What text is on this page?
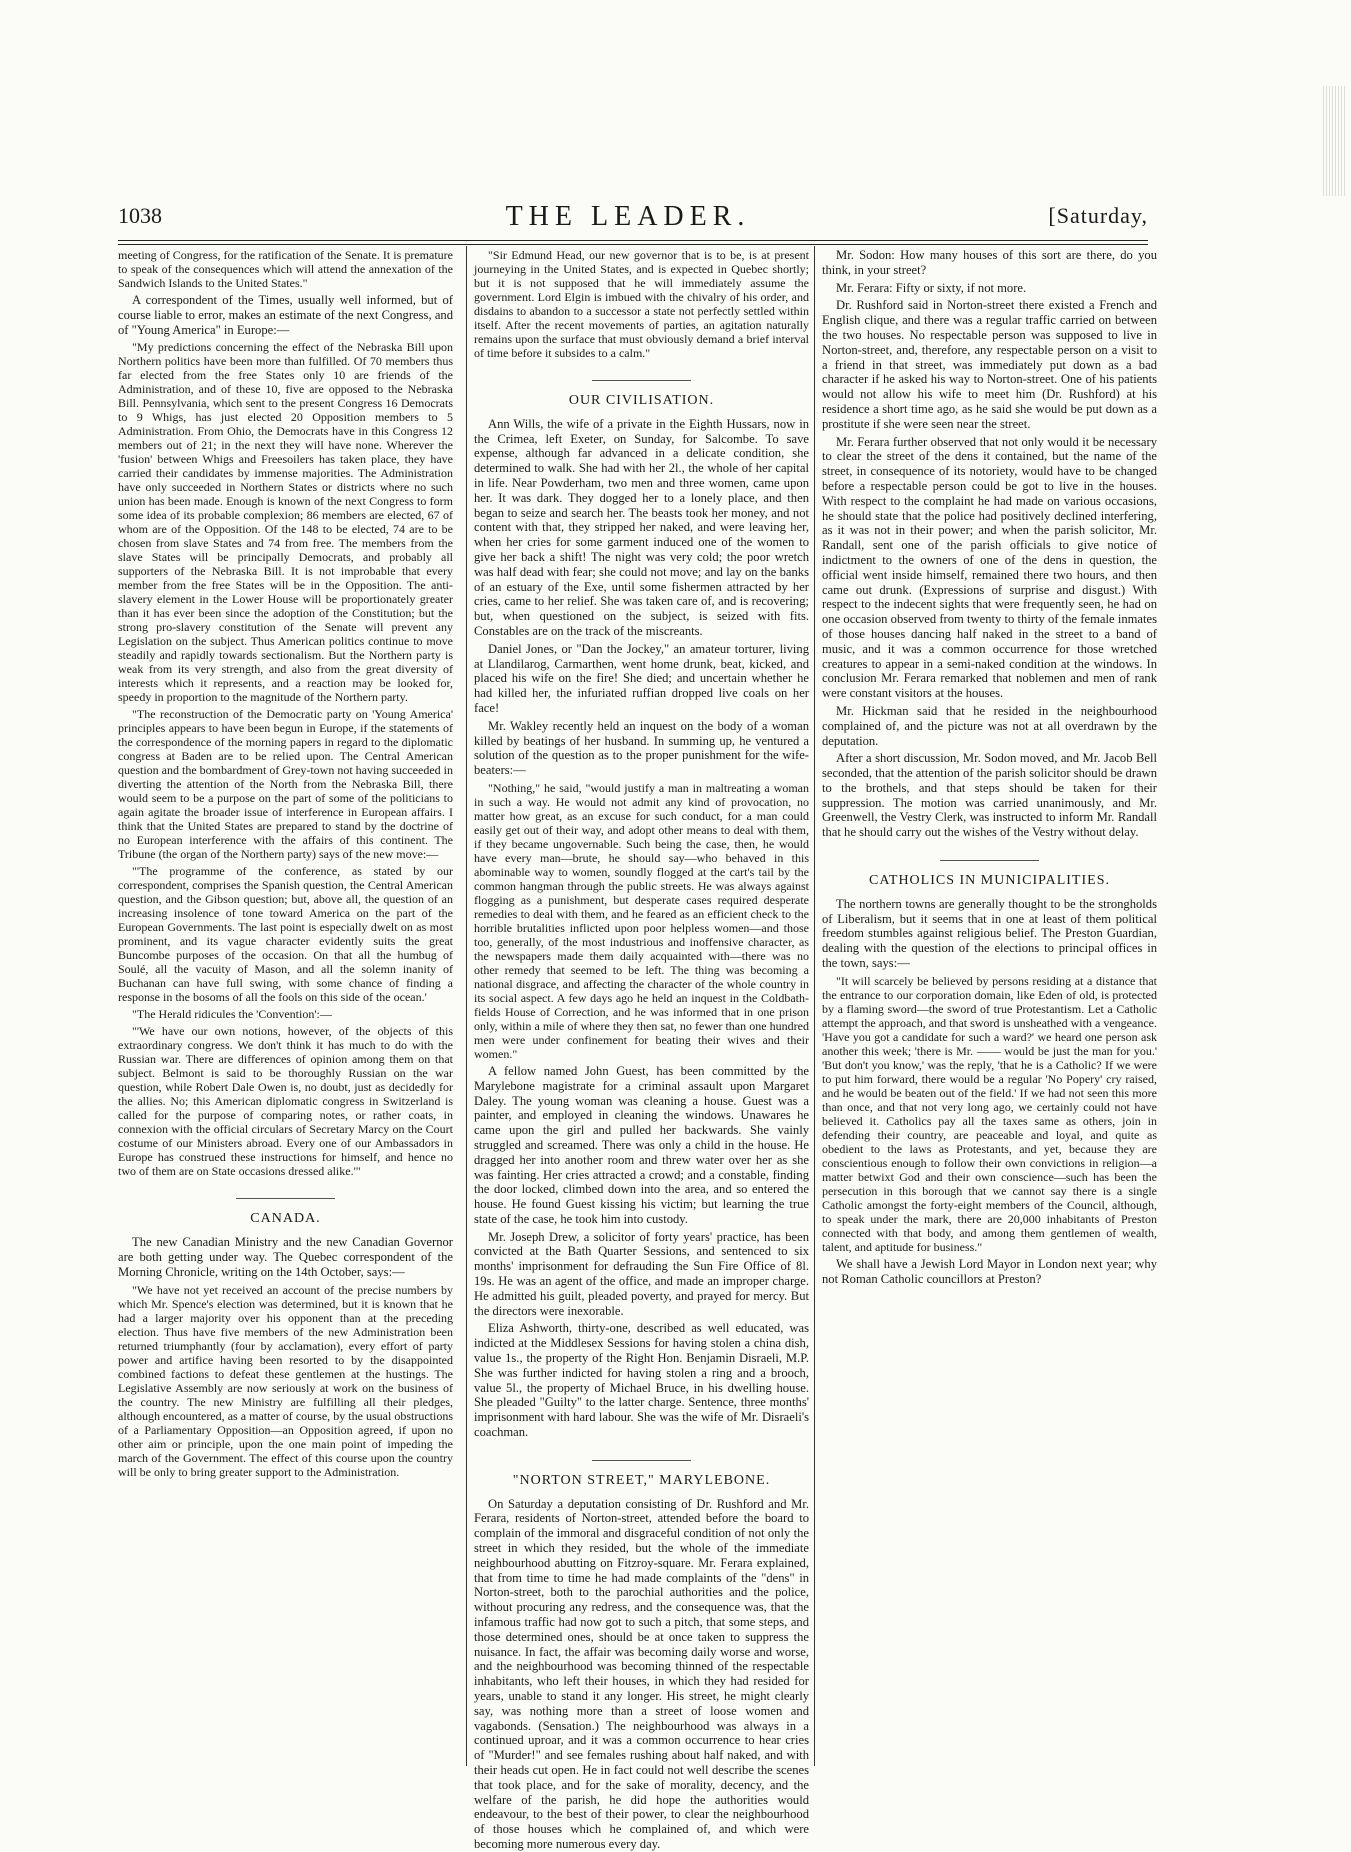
1038	THE LEADER.	[Saturday,

meeting of Congress, for the ratification of the Senate. It is premature to speak of the consequences which will attend the annexation of the Sandwich Islands to the United States."

A correspondent of the Times, usually well informed, but of course liable to error, makes an estimate of the next Congress, and of "Young America" in Europe:—

"My predictions concerning the effect of the Nebraska Bill upon Northern politics have been more than fulfilled. Of 70 members thus far elected from the free States only 10 are friends of the Administration, and of these 10, five are opposed to the Nebraska Bill. Pennsylvania, which sent to the present Congress 16 Democrats to 9 Whigs, has just elected 20 Opposition members to 5 Administration. From Ohio, the Democrats have in this Congress 12 members out of 21; in the next they will have none. Wherever the 'fusion' between Whigs and Freesoilers has taken place, they have carried their candidates by immense majorities. The Administration have only succeeded in Northern States or districts where no such union has been made. Enough is known of the next Congress to form some idea of its probable complexion; 86 members are elected, 67 of whom are of the Opposition. Of the 148 to be elected, 74 are to be chosen from slave States and 74 from free. The members from the slave States will be principally Democrats, and probably all supporters of the Nebraska Bill. It is not improbable that every member from the free States will be in the Opposition. The anti-slavery element in the Lower House will be proportionately greater than it has ever been since the adoption of the Constitution; but the strong pro-slavery constitution of the Senate will prevent any Legislation on the subject. Thus American politics continue to move steadily and rapidly towards sectionalism. But the Northern party is weak from its very strength, and also from the great diversity of interests which it represents, and a reaction may be looked for, speedy in proportion to the magnitude of the Northern party.

"The reconstruction of the Democratic party on 'Young America' principles appears to have been begun in Europe, if the statements of the correspondence of the morning papers in regard to the diplomatic congress at Baden are to be relied upon. The Central American question and the bombardment of Grey-town not having succeeded in diverting the attention of the North from the Nebraska Bill, there would seem to be a purpose on the part of some of the politicians to again agitate the broader issue of interference in European affairs. I think that the United States are prepared to stand by the doctrine of no European interference with the affairs of this continent. The Tribune (the organ of the Northern party) says of the new move:—

"'The programme of the conference, as stated by our correspondent, comprises the Spanish question, the Central American question, and the Gibson question; but, above all, the question of an increasing insolence of tone toward America on the part of the European Governments. The last point is especially dwelt on as most prominent, and its vague character evidently suits the great Buncombe purposes of the occasion. On that all the humbug of Soulé, all the vacuity of Mason, and all the solemn inanity of Buchanan can have full swing, with some chance of finding a response in the bosoms of all the fools on this side of the ocean.'

"The Herald ridicules the 'Convention':—

"'We have our own notions, however, of the objects of this extraordinary congress. We don't think it has much to do with the Russian war. There are differences of opinion among them on that subject. Belmont is said to be thoroughly Russian on the war question, while Robert Dale Owen is, no doubt, just as decidedly for the allies. No; this American diplomatic congress in Switzerland is called for the purpose of comparing notes, or rather coats, in connexion with the official circulars of Secretary Marcy on the Court costume of our Ministers abroad. Every one of our Ambassadors in Europe has construed these instructions for himself, and hence no two of them are on State occasions dressed alike.'"

CANADA.

The new Canadian Ministry and the new Canadian Governor are both getting under way. The Quebec correspondent of the Morning Chronicle, writing on the 14th October, says:—

"We have not yet received an account of the precise numbers by which Mr. Spence's election was determined, but it is known that he had a larger majority over his opponent than at the preceding election. Thus have five members of the new Administration been returned triumphantly (four by acclamation), every effort of party power and artifice having been resorted to by the disappointed combined factions to defeat these gentlemen at the hustings. The Legislative Assembly are now seriously at work on the business of the country. The new Ministry are fulfilling all their pledges, although encountered, as a matter of course, by the usual obstructions of a Parliamentary Opposition—an Opposition agreed, if upon no other aim or principle, upon the one main point of impeding the march of the Government. The effect of this course upon the country will be only to bring greater support to the Administration.

"Sir Edmund Head, our new governor that is to be, is at present journeying in the United States, and is expected in Quebec shortly; but it is not supposed that he will immediately assume the government. Lord Elgin is imbued with the chivalry of his order, and disdains to abandon to a successor a state not perfectly settled within itself. After the recent movements of parties, an agitation naturally remains upon the surface that must obviously demand a brief interval of time before it subsides to a calm."

OUR CIVILISATION.

Ann Wills, the wife of a private in the Eighth Hussars, now in the Crimea, left Exeter, on Sunday, for Salcombe. To save expense, although far advanced in a delicate condition, she determined to walk. She had with her 2l., the whole of her capital in life. Near Powderham, two men and three women, came upon her. It was dark. They dogged her to a lonely place, and then began to seize and search her. The beasts took her money, and not content with that, they stripped her naked, and were leaving her, when her cries for some garment induced one of the women to give her back a shift! The night was very cold; the poor wretch was half dead with fear; she could not move; and lay on the banks of an estuary of the Exe, until some fishermen attracted by her cries, came to her relief. She was taken care of, and is recovering; but, when questioned on the subject, is seized with fits. Constables are on the track of the miscreants.

Daniel Jones, or "Dan the Jockey," an amateur torturer, living at Llandilarog, Carmarthen, went home drunk, beat, kicked, and placed his wife on the fire! She died; and uncertain whether he had killed her, the infuriated ruffian dropped live coals on her face!

Mr. Wakley recently held an inquest on the body of a woman killed by beatings of her husband. In summing up, he ventured a solution of the question as to the proper punishment for the wife-beaters:—

"Nothing," he said, "would justify a man in maltreating a woman in such a way. He would not admit any kind of provocation, no matter how great, as an excuse for such conduct, for a man could easily get out of their way, and adopt other means to deal with them, if they became ungovernable. Such being the case, then, he would have every man—brute, he should say—who behaved in this abominable way to women, soundly flogged at the cart's tail by the common hangman through the public streets. He was always against flogging as a punishment, but desperate cases required desperate remedies to deal with them, and he feared as an efficient check to the horrible brutalities inflicted upon poor helpless women—and those too, generally, of the most industrious and inoffensive character, as the newspapers made them daily acquainted with—there was no other remedy that seemed to be left. The thing was becoming a national disgrace, and affecting the character of the whole country in its social aspect. A few days ago he held an inquest in the Coldbath-fields House of Correction, and he was informed that in one prison only, within a mile of where they then sat, no fewer than one hundred men were under confinement for beating their wives and their women."

A fellow named John Guest, has been committed by the Marylebone magistrate for a criminal assault upon Margaret Daley. The young woman was cleaning a house. Guest was a painter, and employed in cleaning the windows. Unawares he came upon the girl and pulled her backwards. She vainly struggled and screamed. There was only a child in the house. He dragged her into another room and threw water over her as she was fainting. Her cries attracted a crowd; and a constable, finding the door locked, climbed down into the area, and so entered the house. He found Guest kissing his victim; but learning the true state of the case, he took him into custody.

Mr. Joseph Drew, a solicitor of forty years' practice, has been convicted at the Bath Quarter Sessions, and sentenced to six months' imprisonment for defrauding the Sun Fire Office of 8l. 19s. He was an agent of the office, and made an improper charge. He admitted his guilt, pleaded poverty, and prayed for mercy. But the directors were inexorable.

Eliza Ashworth, thirty-one, described as well educated, was indicted at the Middlesex Sessions for having stolen a china dish, value 1s., the property of the Right Hon. Benjamin Disraeli, M.P. She was further indicted for having stolen a ring and a brooch, value 5l., the property of Michael Bruce, in his dwelling house. She pleaded "Guilty" to the latter charge. Sentence, three months' imprisonment with hard labour. She was the wife of Mr. Disraeli's coachman.

"NORTON STREET," MARYLEBONE.

On Saturday a deputation consisting of Dr. Rushford and Mr. Ferara, residents of Norton-street, attended before the board to complain of the immoral and disgraceful condition of not only the street in which they resided, but the whole of the immediate neighbourhood abutting on Fitzroy-square. Mr. Ferara explained, that from time to time he had made complaints of the "dens" in Norton-street, both to the parochial authorities and the police, without procuring any redress, and the consequence was, that the infamous traffic had now got to such a pitch, that some steps, and those determined ones, should be at once taken to suppress the nuisance. In fact, the affair was becoming daily worse and worse, and the neighbourhood was becoming thinned of the respectable inhabitants, who left their houses, in which they had resided for years, unable to stand it any longer. His street, he might clearly say, was nothing more than a street of loose women and vagabonds. (Sensation.) The neighbourhood was always in a continued uproar, and it was a common occurrence to hear cries of "Murder!" and see females rushing about half naked, and with their heads cut open. He in fact could not well describe the scenes that took place, and for the sake of morality, decency, and the welfare of the parish, he did hope the authorities would endeavour, to the best of their power, to clear the neighbourhood of those houses which he complained of, and which were becoming more numerous every day.

Mr. Sodon: How many houses of this sort are there, do you think, in your street?

Mr. Ferara: Fifty or sixty, if not more.

Dr. Rushford said in Norton-street there existed a French and English clique, and there was a regular traffic carried on between the two houses. No respectable person was supposed to live in Norton-street, and, therefore, any respectable person on a visit to a friend in that street, was immediately put down as a bad character if he asked his way to Norton-street. One of his patients would not allow his wife to meet him (Dr. Rushford) at his residence a short time ago, as he said she would be put down as a prostitute if she were seen near the street.

Mr. Ferara further observed that not only would it be necessary to clear the street of the dens it contained, but the name of the street, in consequence of its notoriety, would have to be changed before a respectable person could be got to live in the houses. With respect to the complaint he had made on various occasions, he should state that the police had positively declined interfering, as it was not in their power; and when the parish solicitor, Mr. Randall, sent one of the parish officials to give notice of indictment to the owners of one of the dens in question, the official went inside himself, remained there two hours, and then came out drunk. (Expressions of surprise and disgust.) With respect to the indecent sights that were frequently seen, he had on one occasion observed from twenty to thirty of the female inmates of those houses dancing half naked in the street to a band of music, and it was a common occurrence for those wretched creatures to appear in a semi-naked condition at the windows. In conclusion Mr. Ferara remarked that noblemen and men of rank were constant visitors at the houses.

Mr. Hickman said that he resided in the neighbourhood complained of, and the picture was not at all overdrawn by the deputation.

After a short discussion, Mr. Sodon moved, and Mr. Jacob Bell seconded, that the attention of the parish solicitor should be drawn to the brothels, and that steps should be taken for their suppression. The motion was carried unanimously, and Mr. Greenwell, the Vestry Clerk, was instructed to inform Mr. Randall that he should carry out the wishes of the Vestry without delay.

CATHOLICS IN MUNICIPALITIES.

The northern towns are generally thought to be the strongholds of Liberalism, but it seems that in one at least of them political freedom stumbles against religious belief. The Preston Guardian, dealing with the question of the elections to principal offices in the town, says:—

"It will scarcely be believed by persons residing at a distance that the entrance to our corporation domain, like Eden of old, is protected by a flaming sword—the sword of true Protestantism. Let a Catholic attempt the approach, and that sword is unsheathed with a vengeance. 'Have you got a candidate for such a ward?' we heard one person ask another this week; 'there is Mr. —— would be just the man for you.' 'But don't you know,' was the reply, 'that he is a Catholic? If we were to put him forward, there would be a regular 'No Popery' cry raised, and he would be beaten out of the field.' If we had not seen this more than once, and that not very long ago, we certainly could not have believed it. Catholics pay all the taxes same as others, join in defending their country, are peaceable and loyal, and quite as obedient to the laws as Protestants, and yet, because they are conscientious enough to follow their own convictions in religion—a matter betwixt God and their own conscience—such has been the persecution in this borough that we cannot say there is a single Catholic amongst the forty-eight members of the Council, although, to speak under the mark, there are 20,000 inhabitants of Preston connected with that body, and among them gentlemen of wealth, talent, and aptitude for business."

We shall have a Jewish Lord Mayor in London next year; why not Roman Catholic councillors at Preston?
